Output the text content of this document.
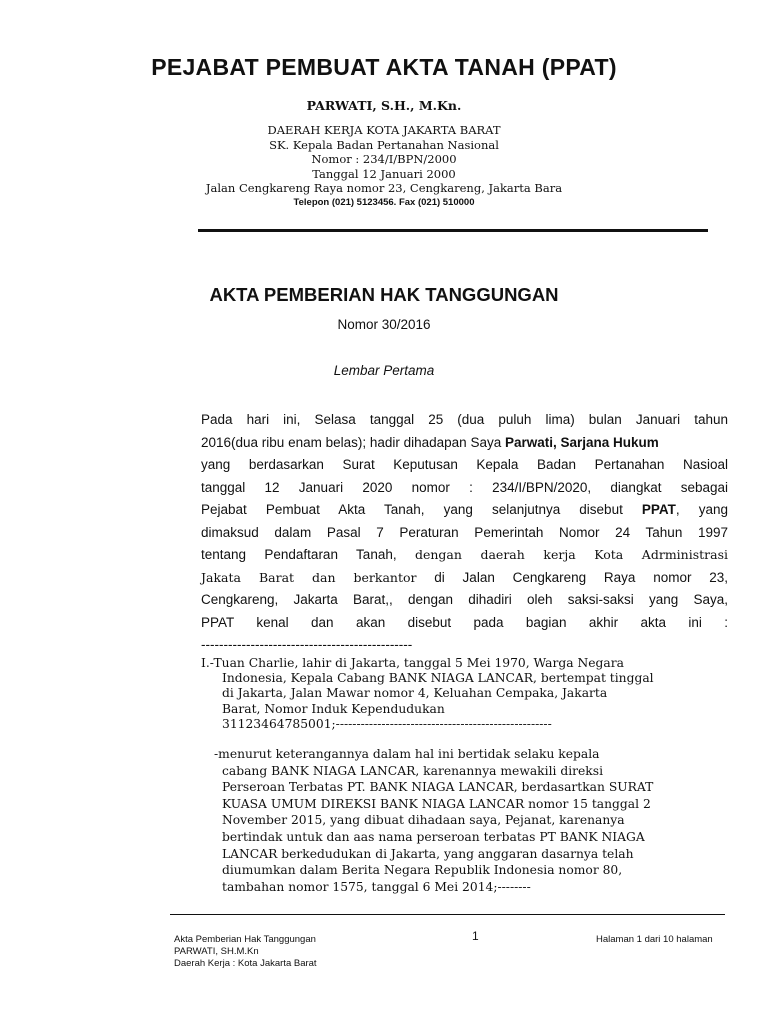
PEJABAT PEMBUAT AKTA TANAH (PPAT)
PARWATI, S.H., M.Kn.
DAERAH KERJA KOTA JAKARTA BARAT
SK. Kepala Badan Pertanahan Nasional
Nomor : 234/I/BPN/2000
Tanggal 12 Januari 2000
Jalan Cengkareng Raya nomor 23, Cengkareng, Jakarta Bara
Telepon (021) 5123456. Fax (021) 510000
AKTA PEMBERIAN HAK TANGGUNGAN
Nomor 30/2016
Lembar Pertama
Pada hari ini, Selasa tanggal 25 (dua puluh lima) bulan Januari tahun
2016(dua ribu enam belas); hadir dihadapan Saya Parwati, Sarjana Hukum
yang berdasarkan Surat Keputusan Kepala Badan Pertanahan Nasioal
tanggal 12 Januari 2020 nomor : 234/I/BPN/2020, diangkat sebagai
Pejabat Pembuat Akta Tanah, yang selanjutnya disebut PPAT, yang
dimaksud dalam Pasal 7 Peraturan Pemerintah Nomor 24 Tahun 1997
tentang Pendaftaran Tanah, dengan daerah kerja Kota Adrministrasi
Jakata Barat dan berkantor di Jalan Cengkareng Raya nomor 23,
Cengkareng, Jakarta Barat,, dengan dihadiri oleh saksi-saksi yang Saya,
PPAT kenal dan akan disebut pada bagian akhir akta ini :
-----------------------------------------------
I.-Tuan Charlie, lahir di Jakarta, tanggal 5 Mei 1970, Warga Negara
Indonesia, Kepala Cabang BANK NIAGA LANCAR, bertempat tinggal
di Jakarta, Jalan Mawar nomor 4, Keluahan Cempaka, Jakarta
Barat, Nomor Induk Kependudukan
31123464785001;----------------------------------------------------
-menurut keterangannya dalam hal ini bertidak selaku kepala
cabang BANK NIAGA LANCAR, karenannya mewakili direksi
Perseroan Terbatas PT. BANK NIAGA LANCAR, berdasartkan SURAT
KUASA UMUM DIREKSI BANK NIAGA LANCAR nomor 15 tanggal 2
November 2015, yang dibuat dihadaan saya, Pejanat, karenanya
bertindak untuk dan aas nama perseroan terbatas PT BANK NIAGA
LANCAR berkedudukan di Jakarta, yang anggaran dasarnya telah
diumumkan dalam Berita Negara Republik Indonesia nomor 80,
tambahan nomor 1575, tanggal 6 Mei 2014;--------
Akta Pemberian Hak Tanggungan
PARWATI, SH.M.Kn
Daerah Kerja : Kota Jakarta Barat
1	Halaman 1 dari 10 halaman
